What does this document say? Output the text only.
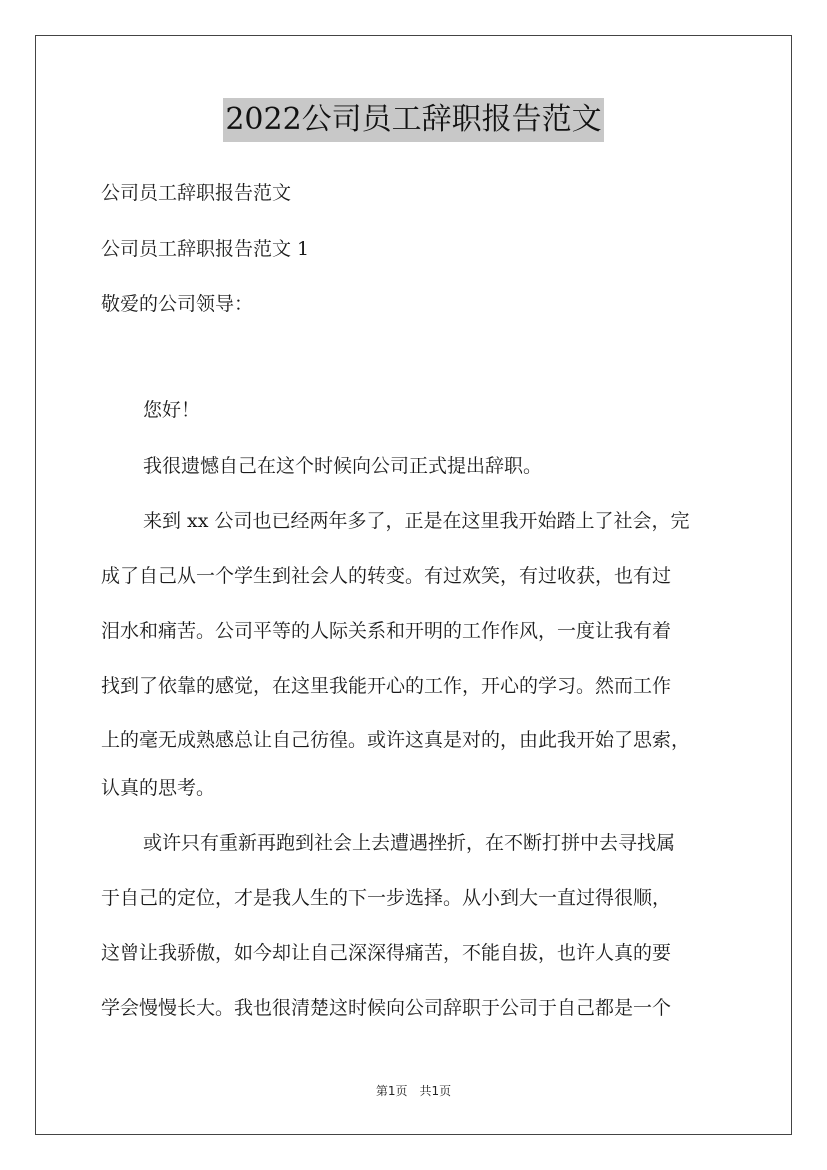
2022公司员工辞职报告范文
公司员工辞职报告范文
公司员工辞职报告范文 1
敬爱的公司领导：
您好！
我很遗憾自己在这个时候向公司正式提出辞职。
来到 xx 公司也已经两年多了，正是在这里我开始踏上了社会，完
成了自己从一个学生到社会人的转变。有过欢笑，有过收获，也有过
泪水和痛苦。公司平等的人际关系和开明的工作作风，一度让我有着
找到了依靠的感觉，在这里我能开心的工作，开心的学习。然而工作
上的毫无成熟感总让自己彷徨。或许这真是对的，由此我开始了思索，
认真的思考。
或许只有重新再跑到社会上去遭遇挫折，在不断打拼中去寻找属
于自己的定位，才是我人生的下一步选择。从小到大一直过得很顺，
这曾让我骄傲，如今却让自己深深得痛苦，不能自拔，也许人真的要
学会慢慢长大。我也很清楚这时候向公司辞职于公司于自己都是一个
第1页　共1页
